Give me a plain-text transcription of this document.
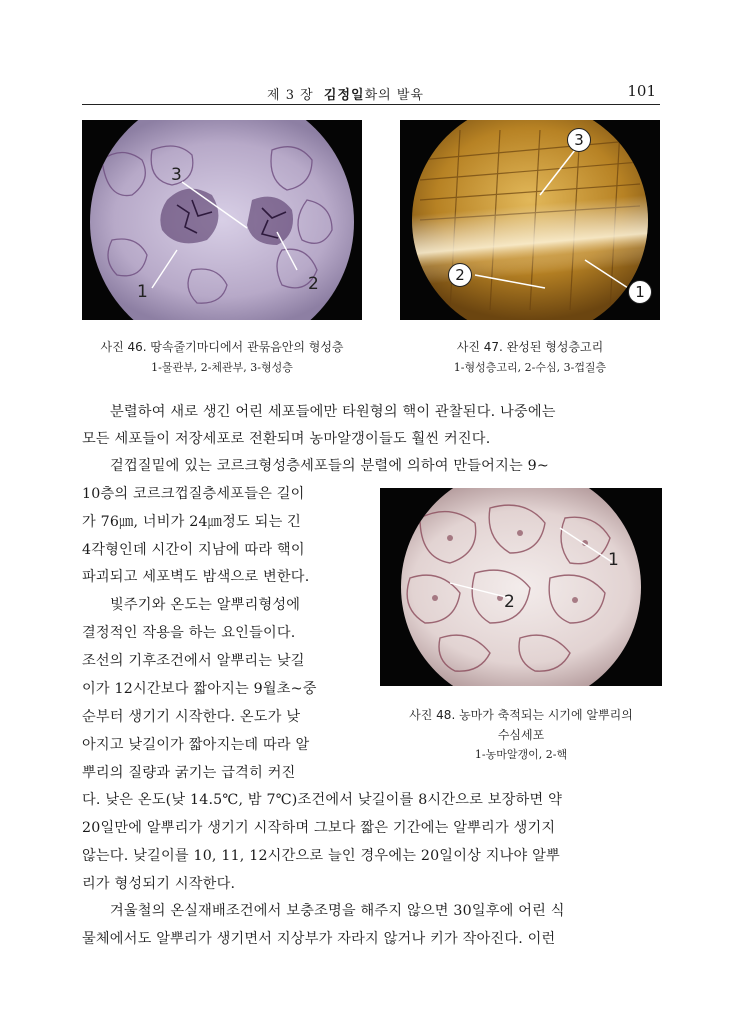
제 3 장 김정일화의 발육	101
1	2
3
사진 46. 땅속줄기마디에서 관묶음안의 형성층
1-물관부, 2-체관부, 3-형성층
1
2
3
사진 47. 완성된 형성층고리
1-형성층고리, 2-수심, 3-껍질층
1
2
사진 48. 농마가 축적되는 시기에 알뿌리의
수심세포
1-농마알갱이, 2-핵
분렬하여 새로 생긴 어린 세포들에만 타원형의 핵이 관찰된다. 나중에는
모든 세포들이 저장세포로 전환되며 농마알갱이들도 훨씬 커진다.
겉껍질밑에 있는 코르크형성층세포들의 분렬에 의하여 만들어지는 9~
10층의 코르크껍질층세포들은 길이
가 76㎛, 너비가 24㎛정도 되는 긴
4각형인데 시간이 지남에 따라 핵이
파괴되고 세포벽도 밤색으로 변한다.
빛주기와 온도는 알뿌리형성에
결정적인 작용을 하는 요인들이다.
조선의 기후조건에서 알뿌리는 낮길
이가 12시간보다 짧아지는 9월초~중
순부터 생기기 시작한다. 온도가 낮
아지고 낮길이가 짧아지는데 따라 알
뿌리의 질량과 굵기는 급격히 커진
다. 낮은 온도(낮 14.5℃, 밤 7℃)조건에서 낮길이를 8시간으로 보장하면 약
20일만에 알뿌리가 생기기 시작하며 그보다 짧은 기간에는 알뿌리가 생기지
않는다. 낮길이를 10, 11, 12시간으로 늘인 경우에는 20일이상 지나야 알뿌
리가 형성되기 시작한다.
겨울철의 온실재배조건에서 보충조명을 해주지 않으면 30일후에 어린 식
물체에서도 알뿌리가 생기면서 지상부가 자라지 않거나 키가 작아진다. 이런
